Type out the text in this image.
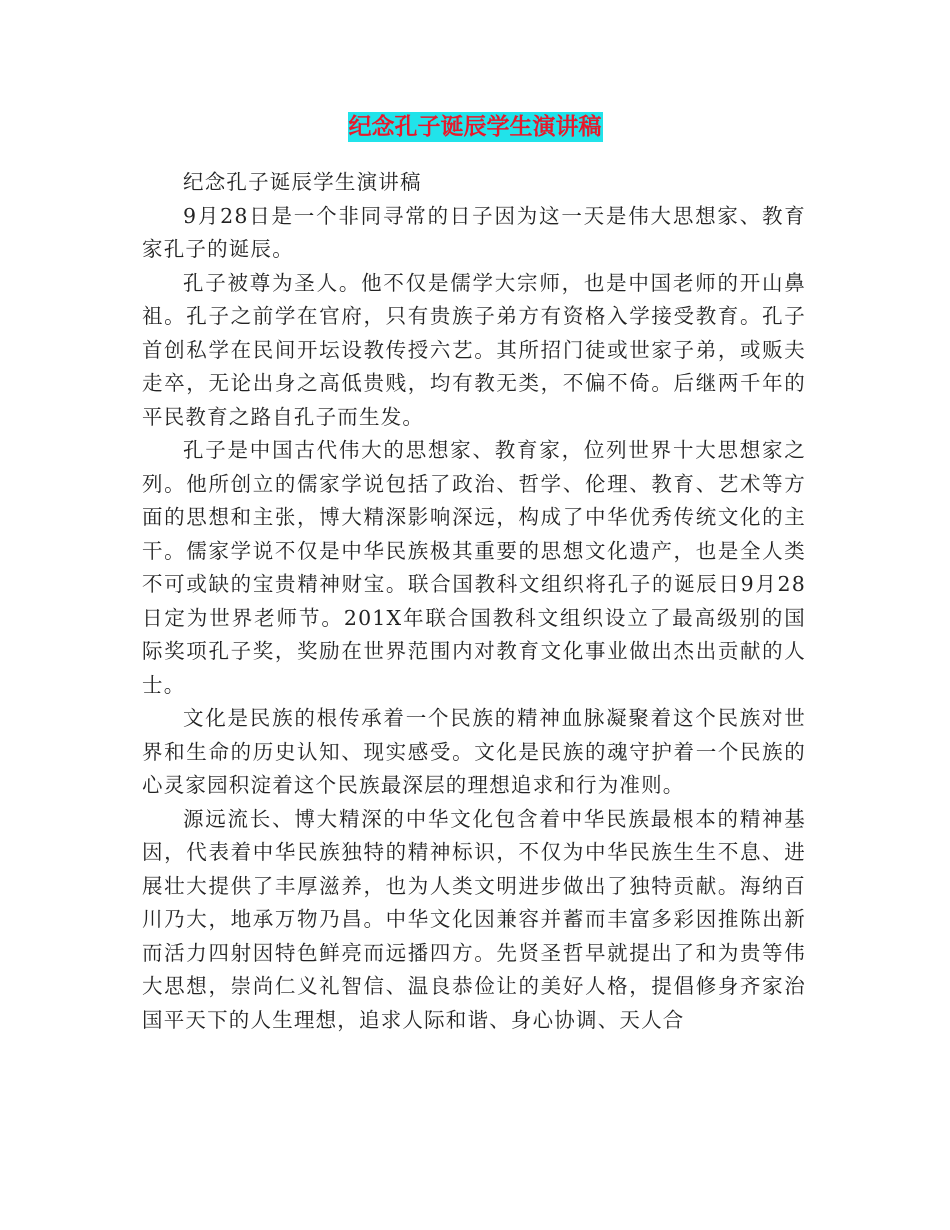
纪念孔子诞辰学生演讲稿

纪念孔子诞辰学生演讲稿

9月28日是一个非同寻常的日子因为这一天是伟大思想家、教育家孔子的诞辰。

孔子被尊为圣人。他不仅是儒学大宗师，也是中国老师的开山鼻祖。孔子之前学在官府，只有贵族子弟方有资格入学接受教育。孔子首创私学在民间开坛设教传授六艺。其所招门徒或世家子弟，或贩夫走卒，无论出身之高低贵贱，均有教无类，不偏不倚。后继两千年的平民教育之路自孔子而生发。

孔子是中国古代伟大的思想家、教育家，位列世界十大思想家之列。他所创立的儒家学说包括了政治、哲学、伦理、教育、艺术等方面的思想和主张，博大精深影响深远，构成了中华优秀传统文化的主干。儒家学说不仅是中华民族极其重要的思想文化遗产，也是全人类不可或缺的宝贵精神财宝。联合国教科文组织将孔子的诞辰日9月28日定为世界老师节。201X年联合国教科文组织设立了最高级别的国际奖项孔子奖，奖励在世界范围内对教育文化事业做出杰出贡献的人士。

文化是民族的根传承着一个民族的精神血脉凝聚着这个民族对世界和生命的历史认知、现实感受。文化是民族的魂守护着一个民族的心灵家园积淀着这个民族最深层的理想追求和行为准则。

源远流长、博大精深的中华文化包含着中华民族最根本的精神基因，代表着中华民族独特的精神标识，不仅为中华民族生生不息、进展壮大提供了丰厚滋养，也为人类文明进步做出了独特贡献。海纳百川乃大，地承万物乃昌。中华文化因兼容并蓄而丰富多彩因推陈出新而活力四射因特色鲜亮而远播四方。先贤圣哲早就提出了和为贵等伟大思想，崇尚仁义礼智信、温良恭俭让的美好人格，提倡修身齐家治国平天下的人生理想，追求人际和谐、身心协调、天人合
